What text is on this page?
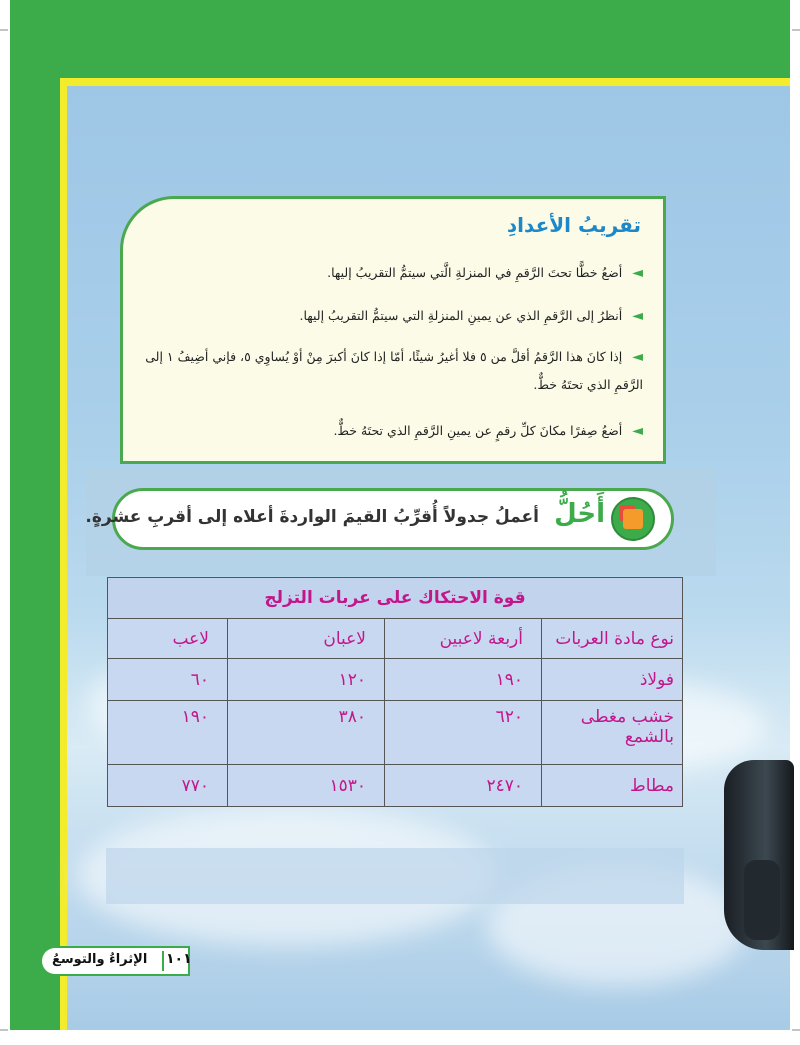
تقريبُ الأعدادِ
◄أضعُ خطًّا تحتَ الرَّقمِ في المنزلةِ الَّتي سيتمُّ التقريبُ إليها.
◄أنظرُ إلى الرَّقمِ الذي عن يمينِ المنزلةِ التي سيتمُّ التقريبُ إليها.
◄إذا كانَ هذا الرَّقمُ أقلَّ من ٥ فلا أغيرُ شيئًا، أمّا إذا كانَ أكبرَ مِنْ أوْ يُساوِي ٥، فإني أضِيفُ ١ إلى الرَّقمِ الذي تحتَهُ خطٌّ.
◄أضعُ صِفرًا مكانَ كلِّ رقمٍ عن يمينِ الرَّقمِ الذي تحتَهُ خطٌّ.
أَحُلُّ
أعملُ جدولاً أُقرِّبُ القيمَ الواردةَ أعلاه إلى أقربِ عشرةٍ.
قوة الاحتكاك على عربات التزلج			
نوع مادة العربات	أربعة لاعبين	لاعبان	لاعب
فولاذ	١٩٠	١٢٠	٦٠
خشب مغطى بالشمع	٦٢٠	٣٨٠	١٩٠
مطاط	٢٤٧٠	١٥٣٠	٧٧٠
الإثراءُ والتوسعُ ١٠١
